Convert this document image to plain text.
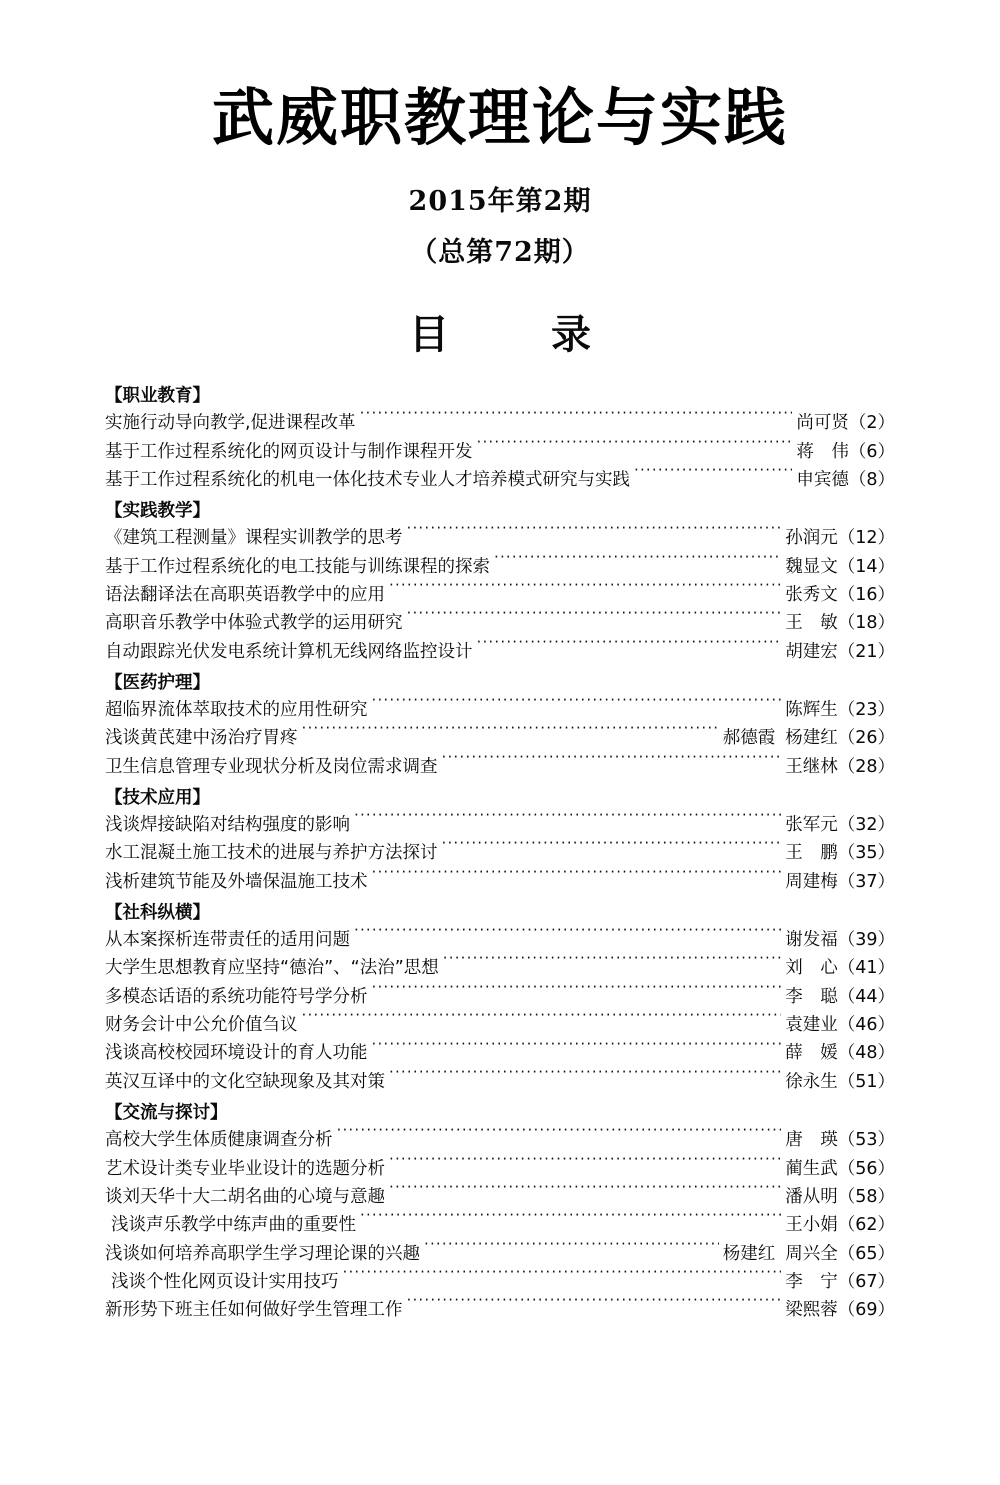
武威职教理论与实践
2015年第2期
（总第72期）
目 录
【职业教育】
实施行动导向教学,促进课程改革 ·····	尚可贤 （2）
基于工作过程系统化的网页设计与制作课程开发 ·····	蒋　伟 （6）
基于工作过程系统化的机电一体化技术专业人才培养模式研究与实践 ·····	申宾德 （8）
【实践教学】
《建筑工程测量》课程实训教学的思考 ·····	孙润元 （12）
基于工作过程系统化的电工技能与训练课程的探索 ·····	魏显文 （14）
语法翻译法在高职英语教学中的应用 ·····	张秀文 （16）
高职音乐教学中体验式教学的运用研究 ·····	王　敏 （18）
自动跟踪光伏发电系统计算机无线网络监控设计 ·····	胡建宏 （21）
【医药护理】
超临界流体萃取技术的应用性研究 ·····	陈辉生 （23）
浅谈黄芪建中汤治疗胃疼 ·····	郝德霞 杨建红 （26）
卫生信息管理专业现状分析及岗位需求调查 ·····	王继林 （28）
【技术应用】
浅谈焊接缺陷对结构强度的影响 ·····	张军元 （32）
水工混凝土施工技术的进展与养护方法探讨 ·····	王　鹏 （35）
浅析建筑节能及外墙保温施工技术 ·····	周建梅 （37）
【社科纵横】
从本案探析连带责任的适用问题 ·····	谢发福 （39）
大学生思想教育应坚持“德治”、“法治”思想 ·····	刘　心 （41）
多模态话语的系统功能符号学分析 ·····	李　聪 （44）
财务会计中公允价值刍议 ·····	袁建业 （46）
浅谈高校校园环境设计的育人功能 ·····	薛　媛 （48）
英汉互译中的文化空缺现象及其对策 ·····	徐永生 （51）
【交流与探讨】
高校大学生体质健康调查分析 ·····	唐　瑛 （53）
艺术设计类专业毕业设计的选题分析 ·····	蔺生武 （56）
谈刘天华十大二胡名曲的心境与意趣 ·····	潘从明 （58）
浅谈声乐教学中练声曲的重要性 ·····	王小娟 （62）
浅谈如何培养高职学生学习理论课的兴趣 ·····	杨建红 周兴全 （65）
浅谈个性化网页设计实用技巧 ·····	李　宁 （67）
新形势下班主任如何做好学生管理工作 ·····	梁熙蓉 （69）
